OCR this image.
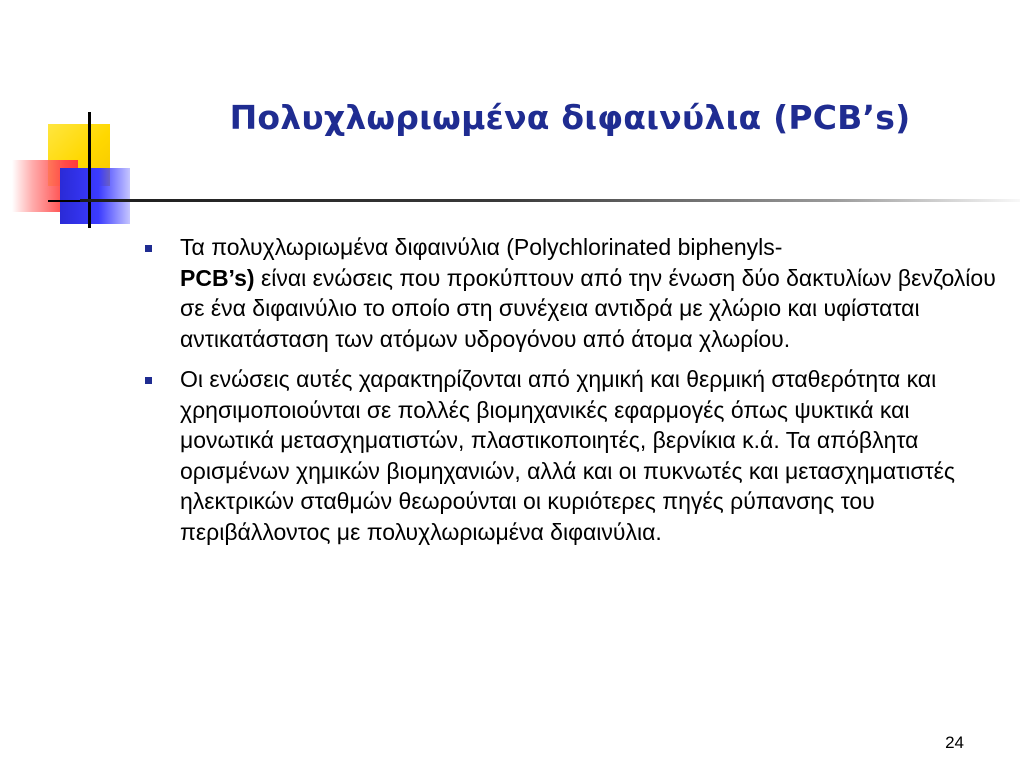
Πολυχλωριωμένα διφαινύλια (PCB’s)
Τα πολυχλωριωμένα διφαινύλια (Polychlorinated biphenyls-
PCB’s) είναι ενώσεις που προκύπτουν από την ένωση δύο δακτυλίων βενζολίου σε ένα διφαινύλιο το οποίο στη συνέχεια αντιδρά με χλώριο και υφίσταται αντικατάσταση των ατόμων υδρογόνου από άτομα χλωρίου.
Οι ενώσεις αυτές χαρακτηρίζονται από χημική και θερμική σταθερότητα και χρησιμοποιούνται σε πολλές βιομηχανικές εφαρμογές όπως ψυκτικά και μονωτικά μετασχηματιστών, πλαστικοποιητές, βερνίκια κ.ά. Τα απόβλητα ορισμένων χημικών βιομηχανιών, αλλά και οι πυκνωτές και μετασχηματιστές ηλεκτρικών σταθμών θεωρούνται οι κυριότερες πηγές ρύπανσης του περιβάλλοντος με πολυχλωριωμένα διφαινύλια.
24
